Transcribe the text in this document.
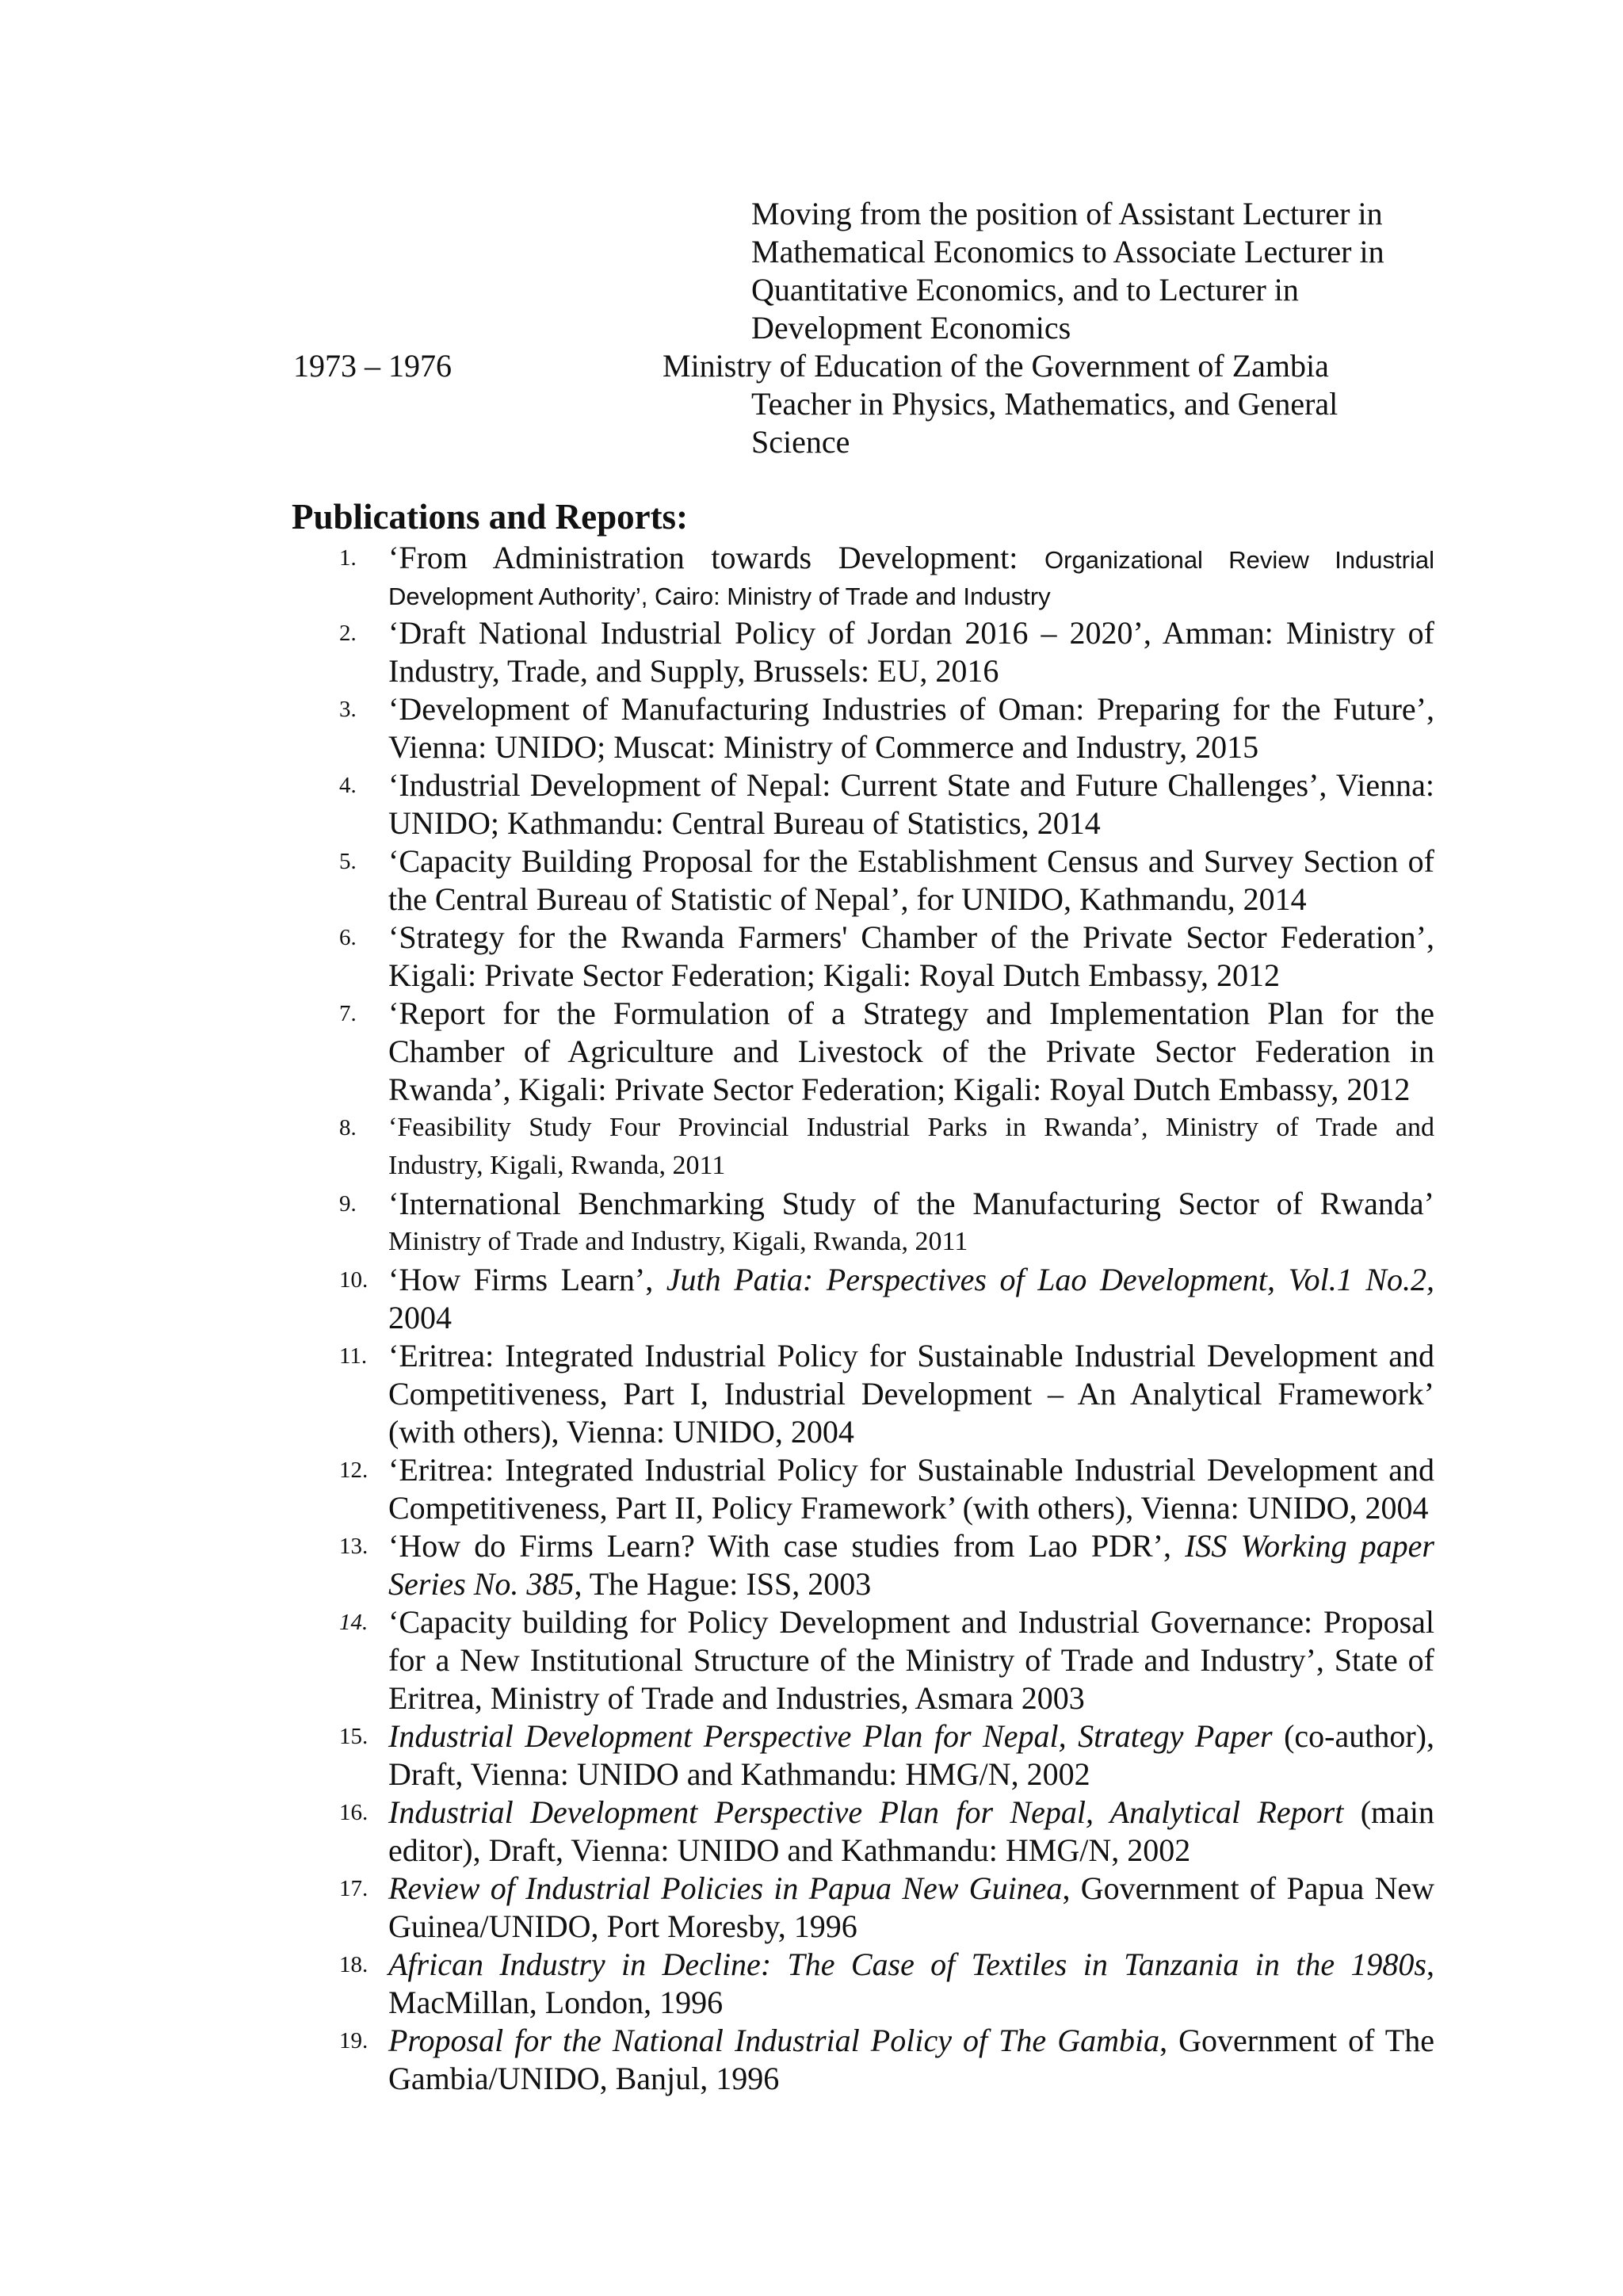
Moving from the position of Assistant Lecturer in
Mathematical Economics to Associate Lecturer in
Quantitative Economics, and to Lecturer in
Development Economics
1973 – 1976	Ministry of Education of the Government of Zambia
Teacher in Physics, Mathematics, and General
Science
Publications and Reports:
1. ‘From Administration towards Development: Organizational Review Industrial
Development Authority’, Cairo: Ministry of Trade and Industry
2. ‘Draft National Industrial Policy of Jordan 2016 – 2020’, Amman: Ministry of
Industry, Trade, and Supply, Brussels: EU, 2016
3. ‘Development of Manufacturing Industries of Oman: Preparing for the Future’,
Vienna: UNIDO; Muscat: Ministry of Commerce and Industry, 2015
4. ‘Industrial Development of Nepal: Current State and Future Challenges’, Vienna:
UNIDO; Kathmandu: Central Bureau of Statistics, 2014
5. ‘Capacity Building Proposal for the Establishment Census and Survey Section of
the Central Bureau of Statistic of Nepal’, for UNIDO, Kathmandu, 2014
6. ‘Strategy for the Rwanda Farmers' Chamber of the Private Sector Federation’,
Kigali: Private Sector Federation; Kigali: Royal Dutch Embassy, 2012
7. ‘Report for the Formulation of a Strategy and Implementation Plan for the
Chamber of Agriculture and Livestock of the Private Sector Federation in
Rwanda’, Kigali: Private Sector Federation; Kigali: Royal Dutch Embassy, 2012
8. ‘Feasibility Study Four Provincial Industrial Parks in Rwanda’, Ministry of Trade and
Industry, Kigali, Rwanda, 2011
9. ‘International Benchmarking Study of the Manufacturing Sector of Rwanda’
Ministry of Trade and Industry, Kigali, Rwanda, 2011
10. ‘How Firms Learn’, Juth Patia: Perspectives of Lao Development, Vol.1 No.2,
2004
11. ‘Eritrea: Integrated Industrial Policy for Sustainable Industrial Development and
Competitiveness, Part I, Industrial Development – An Analytical Framework’
(with others), Vienna: UNIDO, 2004
12. ‘Eritrea: Integrated Industrial Policy for Sustainable Industrial Development and
Competitiveness, Part II, Policy Framework’ (with others), Vienna: UNIDO, 2004
13. ‘How do Firms Learn? With case studies from Lao PDR’, ISS Working paper
Series No. 385, The Hague: ISS, 2003
14. ‘Capacity building for Policy Development and Industrial Governance: Proposal
for a New Institutional Structure of the Ministry of Trade and Industry’, State of
Eritrea, Ministry of Trade and Industries, Asmara 2003
15. Industrial Development Perspective Plan for Nepal, Strategy Paper (co-author),
Draft, Vienna: UNIDO and Kathmandu: HMG/N, 2002
16. Industrial Development Perspective Plan for Nepal, Analytical Report (main
editor), Draft, Vienna: UNIDO and Kathmandu: HMG/N, 2002
17. Review of Industrial Policies in Papua New Guinea, Government of Papua New
Guinea/UNIDO, Port Moresby, 1996
18. African Industry in Decline: The Case of Textiles in Tanzania in the 1980s,
MacMillan, London, 1996
19. Proposal for the National Industrial Policy of The Gambia, Government of The
Gambia/UNIDO, Banjul, 1996
